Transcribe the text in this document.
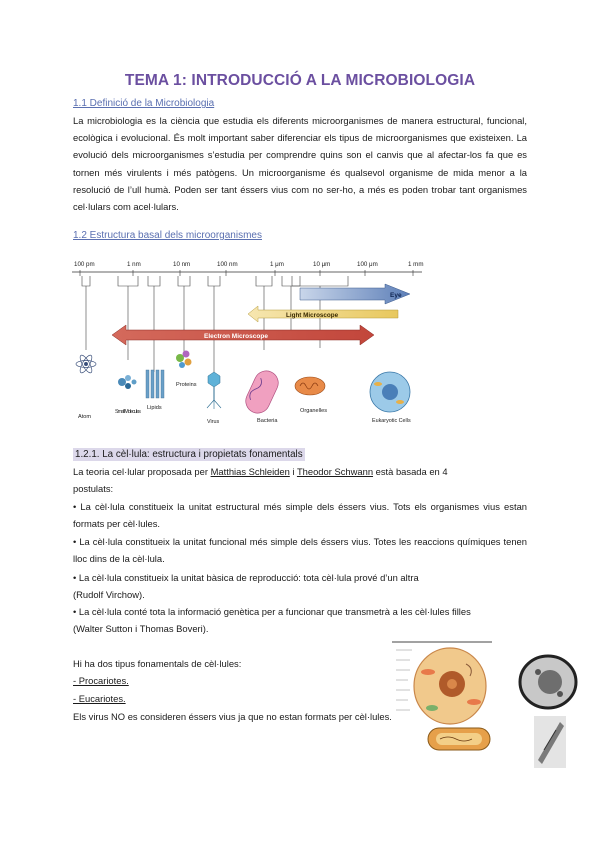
TEMA 1: INTRODUCCIÓ A LA MICROBIOLOGIA
1.1 Definició de la Microbiologia
La microbiologia es la ciència que estudia els diferents microorganismes de manera estructural, funcional, ecològica i evolucional. És molt important saber diferenciar els tipus de microorganismes que existeixen. La evolució dels microorganismes s’estudia per comprendre quins son el canvis que al afectar-los fa que es tornen més virulents i més patògens. Un microorganisme és qualsevol organisme de mida menor a la resolució de l’ull humà. Poden ser tant éssers vius com no ser-ho, a més es poden trobar tant organismes cel·lulars com acel·lulars.
1.2 Estructura basal dels microorganismes
100 pm	1 nm	10 nm	100 nm	1 μm	10 μm	100 μm	1 mm
Eye
Light Microscope
Electron Microscope
Atom
Small Molecules
Lipids
Proteins
Virus	Bacteria
Organelles
Eukaryotic Cells
1.2.1. La cèl·lula: estructura i propietats fonamentals
La teoria cel·lular proposada per Matthias Schleiden i Theodor Schwann està basada en 4
postulats:
• La cèl·lula constitueix la unitat estructural més simple dels éssers vius. Tots els organismes vius estan formats per cèl·lules.
• La cèl·lula constitueix la unitat funcional més simple dels éssers vius. Totes les reaccions químiques tenen lloc dins de la cèl·lula.
• La cèl·lula constitueix la unitat bàsica de reproducció: tota cèl·lula prové d’un altra
(Rudolf Virchow).
• La cèl·lula conté tota la informació genètica per a funcionar que transmetrà a les cèl·lules filles
(Walter Sutton i Thomas Boveri).
Hi ha dos tipus fonamentals de cèl·lules:
- Procariotes.
- Eucariotes.
Els virus NO es consideren éssers vius ja que no estan formats per cèl·lules.
